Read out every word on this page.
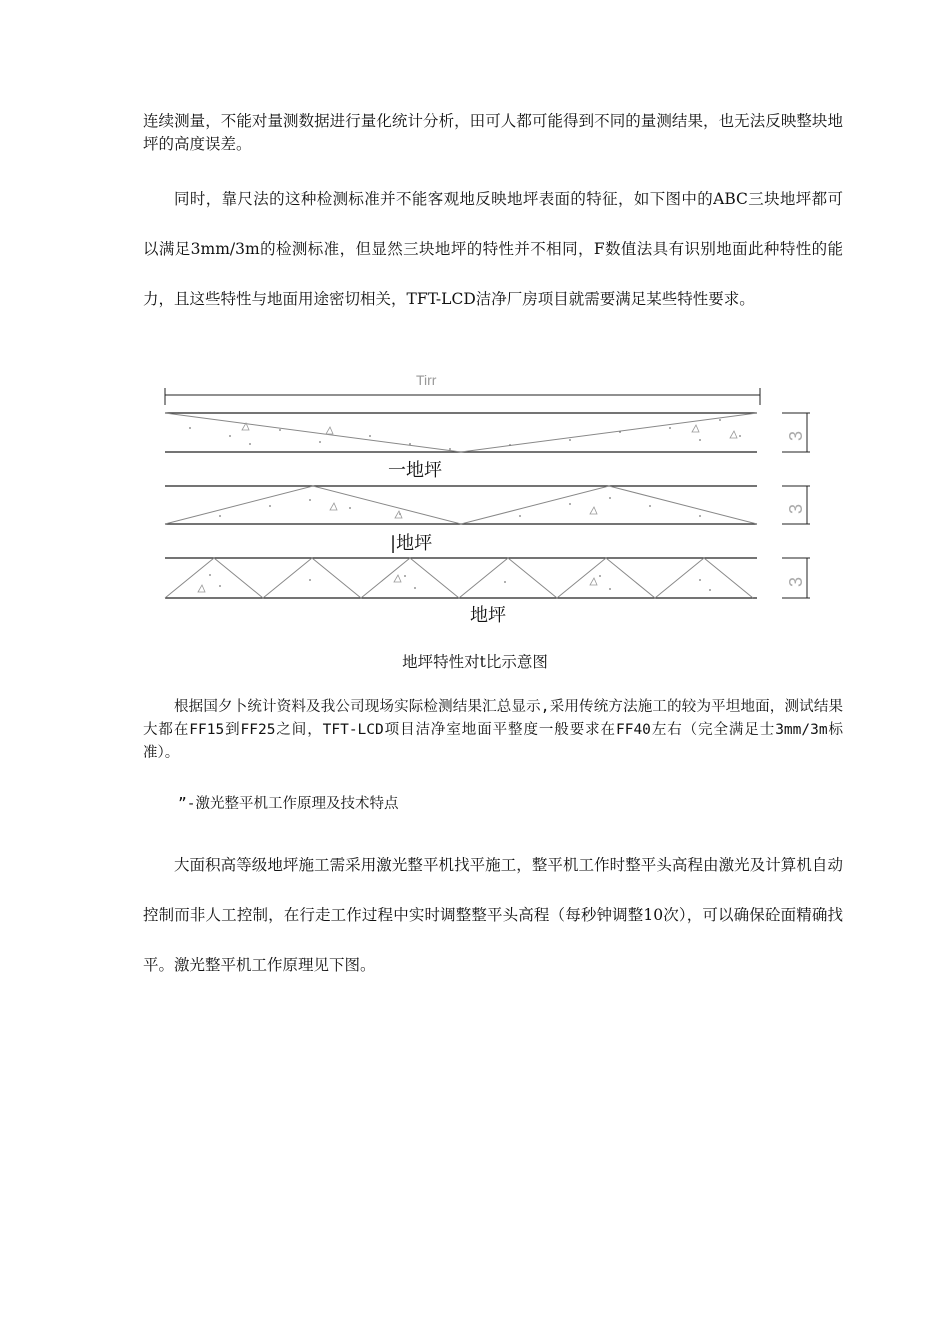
连续测量，不能对量测数据进行量化统计分析，田可人都可能得到不同的量测结果，也无法反映整块地坪的高度误差。

同时，靠尺法的这种检测标准并不能客观地反映地坪表面的特征，如下图中的ABC三块地坪都可以满足3mm/3m的检测标准，但显然三块地坪的特性并不相同，F数值法具有识别地面此种特性的能力，且这些特性与地面用途密切相关，TFT-LCD洁净厂房项目就需要满足某些特性要求。

Tirr
一地坪
|地坪
地坪
3
3
3
地坪特性对t比示意图

根据国夕卜统计资料及我公司现场实际检测结果汇总显示,采用传统方法施工的较为平坦地面，测试结果大都在FF15到FF25之间，TFT-LCD项目洁净室地面平整度一般要求在FF40左右（完全满足士3mm/3m标准）。

”-激光整平机工作原理及技术特点

大面积高等级地坪施工需采用激光整平机找平施工，整平机工作时整平头高程由激光及计算机自动控制而非人工控制，在行走工作过程中实时调整整平头高程（每秒钟调整10次），可以确保砼面精确找平。激光整平机工作原理见下图。
